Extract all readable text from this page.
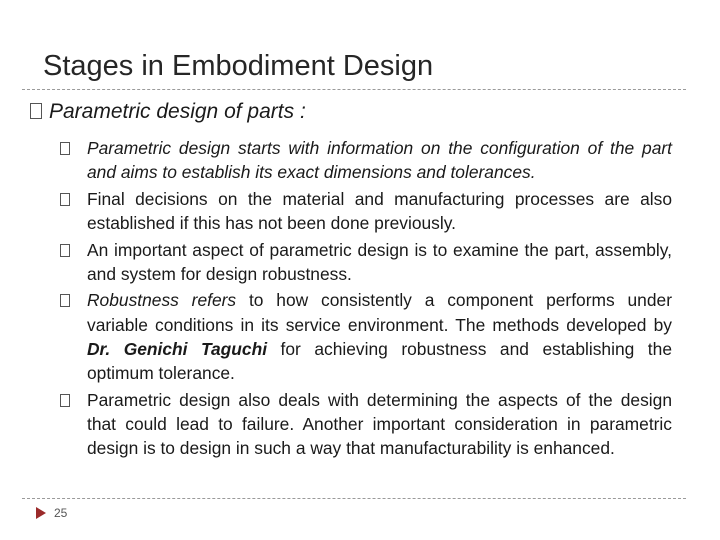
Stages in Embodiment Design
Parametric design of parts :
Parametric design starts with information on the configuration of the part and aims to establish its exact dimensions and tolerances.
Final decisions on the material and manufacturing processes are also established if this has not been done previously.
An important aspect of parametric design is to examine the part, assembly, and system for design robustness.
Robustness refers to how consistently a component performs under variable conditions in its service environment. The methods developed by Dr. Genichi Taguchi for achieving robustness and establishing the optimum tolerance.
Parametric design also deals with determining the aspects of the design that could lead to failure. Another important consideration in parametric design is to design in such a way that manufacturability is enhanced.
25
